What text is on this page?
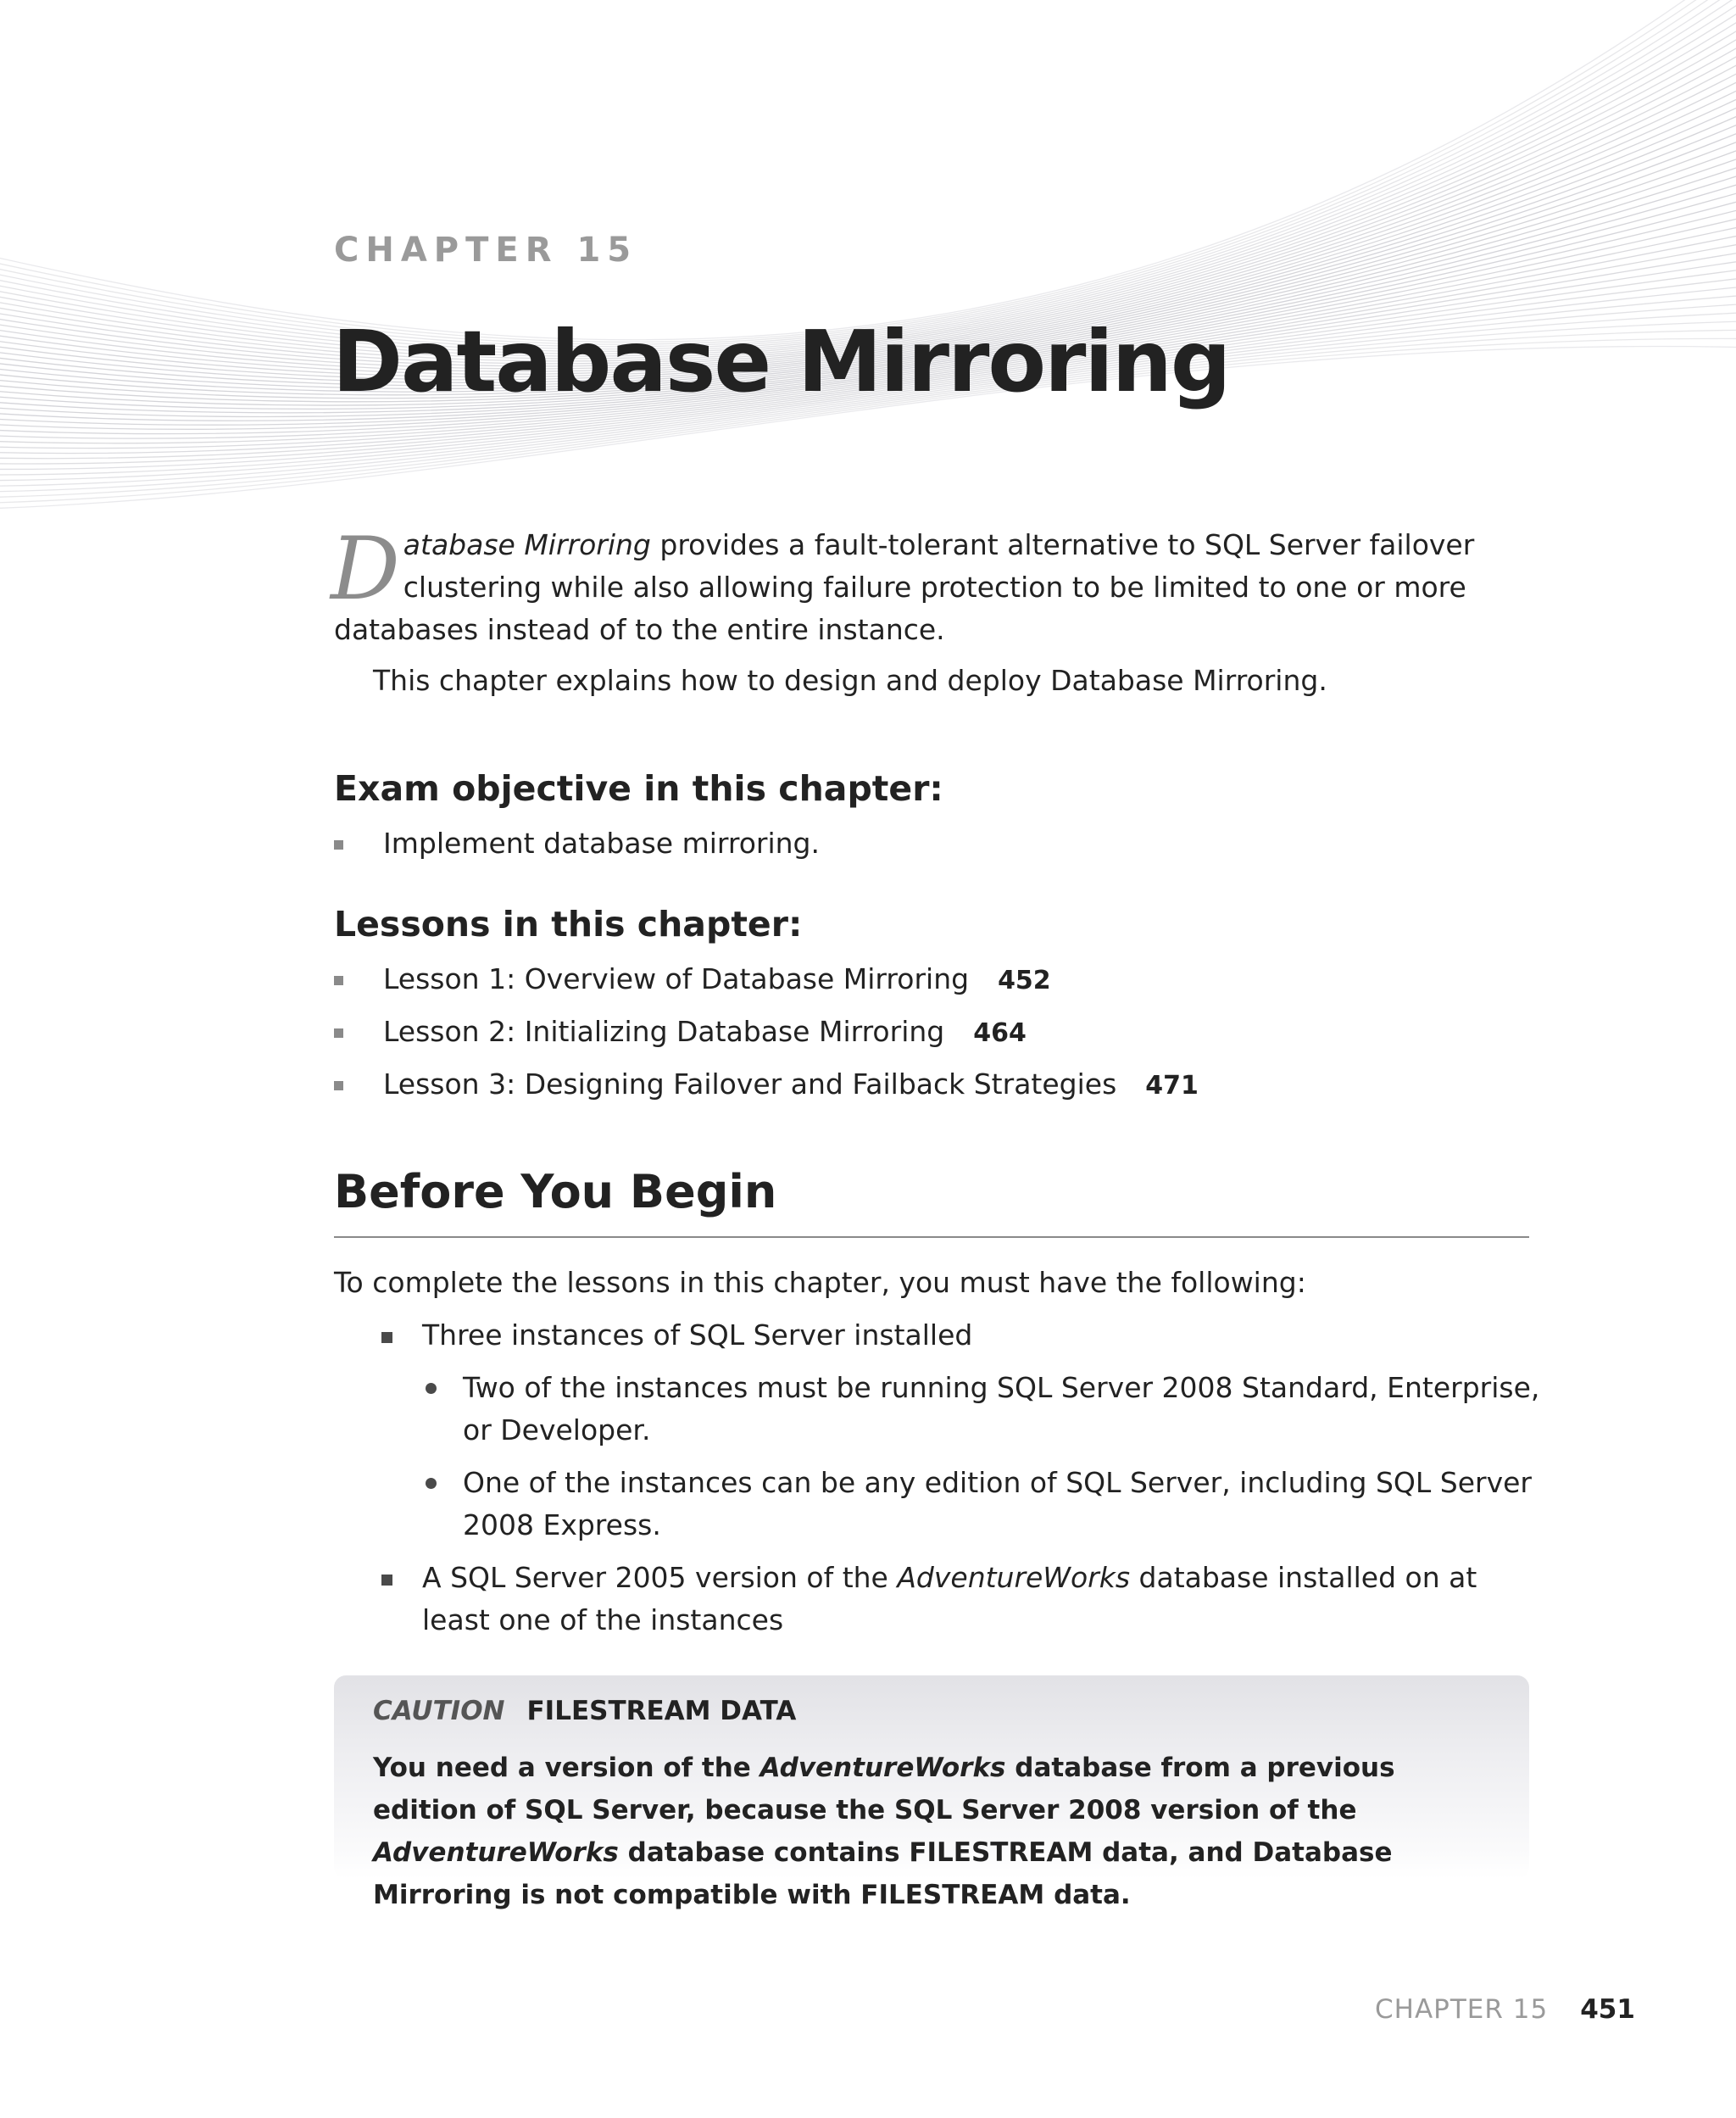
CHAPTER 15
Database Mirroring
Database Mirroring provides a fault-tolerant alternative to SQL Server failover clustering while also allowing failure protection to be limited to one or more databases instead of to the entire instance.
This chapter explains how to design and deploy Database Mirroring.
Exam objective in this chapter:
Implement database mirroring.
Lessons in this chapter:
Lesson 1: Overview of Database Mirroring 452
Lesson 2: Initializing Database Mirroring 464
Lesson 3: Designing Failover and Failback Strategies 471
Before You Begin
To complete the lessons in this chapter, you must have the following:
Three instances of SQL Server installed
Two of the instances must be running SQL Server 2008 Standard, Enterprise, or Developer.
One of the instances can be any edition of SQL Server, including SQL Server 2008 Express.
A SQL Server 2005 version of the AdventureWorks database installed on at least one of the instances
CAUTION FILESTREAM DATA
You need a version of the AdventureWorks database from a previous edition of SQL Server, because the SQL Server 2008 version of the AdventureWorks database contains FILESTREAM data, and Database Mirroring is not compatible with FILESTREAM data.
CHAPTER 15 451
